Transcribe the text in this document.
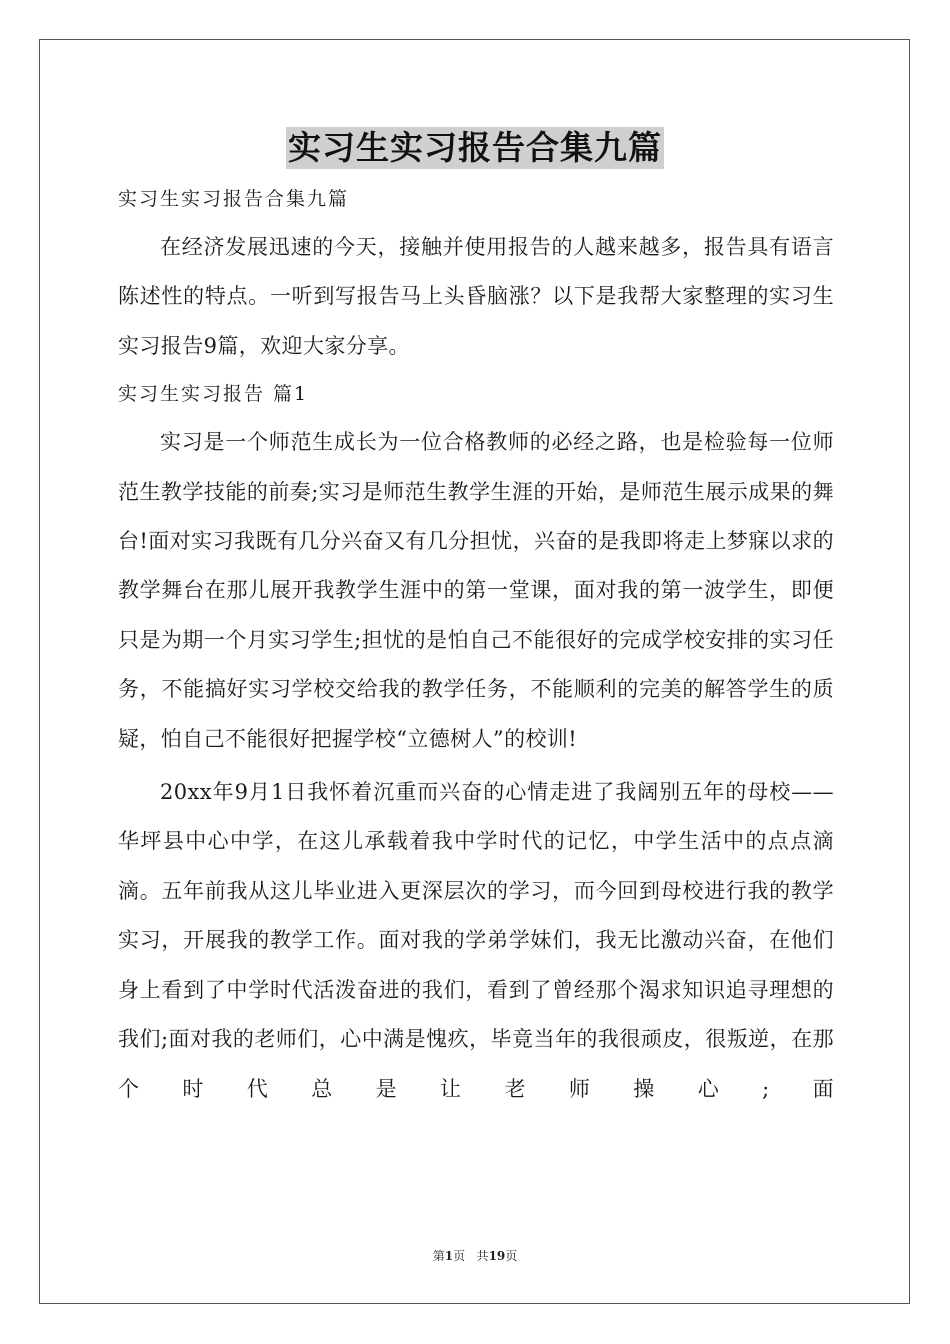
实习生实习报告合集九篇
实习生实习报告合集九篇

在经济发展迅速的今天，接触并使用报告的人越来越多，报告具有语言陈述性的特点。一听到写报告马上头昏脑涨？以下是我帮大家整理的实习生实习报告9篇，欢迎大家分享。

实习生实习报告 篇1

实习是一个师范生成长为一位合格教师的必经之路，也是检验每一位师范生教学技能的前奏;实习是师范生教学生涯的开始，是师范生展示成果的舞台!面对实习我既有几分兴奋又有几分担忧，兴奋的是我即将走上梦寐以求的教学舞台在那儿展开我教学生涯中的第一堂课，面对我的第一波学生，即便只是为期一个月实习学生;担忧的是怕自己不能很好的完成学校安排的实习任务，不能搞好实习学校交给我的教学任务，不能顺利的完美的解答学生的质疑，怕自己不能很好把握学校“立德树人”的校训!

20xx年9月1日我怀着沉重而兴奋的心情走进了我阔别五年的母校——华坪县中心中学，在这儿承载着我中学时代的记忆，中学生活中的点点滴滴。五年前我从这儿毕业进入更深层次的学习，而今回到母校进行我的教学实习，开展我的教学工作。面对我的学弟学妹们，我无比激动兴奋，在他们身上看到了中学时代活泼奋进的我们，看到了曾经那个渴求知识追寻理想的我们;面对我的老师们，心中满是愧疚，毕竟当年的我很顽皮，很叛逆，在那个时代总是让老师操心;面

第1页 共19页
